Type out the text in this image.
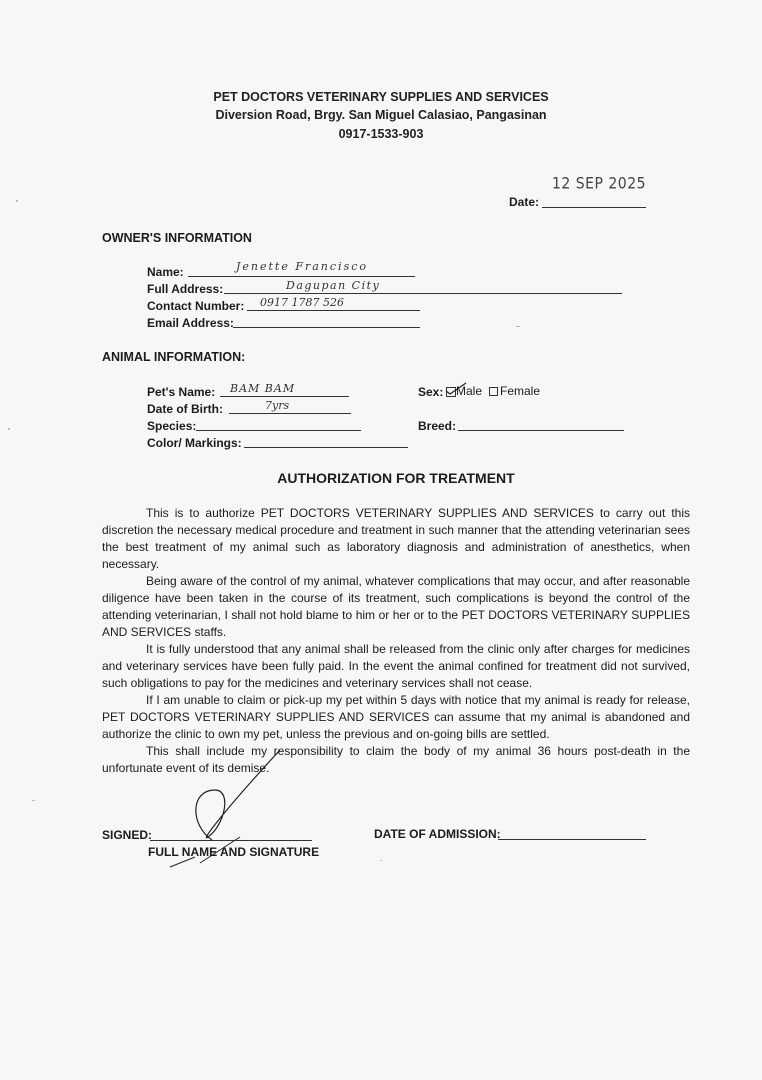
PET DOCTORS VETERINARY SUPPLIES AND SERVICES
Diversion Road, Brgy. San Miguel Calasiao, Pangasinan
0917-1533-903
12 SEP 2025
Date:
OWNER'S INFORMATION
Name:	Jenette Francisco
Full Address:	Dagupan City
Contact Number: 0917 1787 526
Email Address:
ANIMAL INFORMATION:
Pet's Name: BAM BAM
Date of Birth:	7yrs
Species:
Color/ Markings:
Sex: Male Female
Breed:
AUTHORIZATION FOR TREATMENT

This is to authorize PET DOCTORS VETERINARY SUPPLIES AND SERVICES to carry out this discretion the necessary medical procedure and treatment in such manner that the attending veterinarian sees the best treatment of my animal such as laboratory diagnosis and administration of anesthetics, when necessary.

Being aware of the control of my animal, whatever complications that may occur, and after reasonable diligence have been taken in the course of its treatment, such complications is beyond the control of the attending veterinarian, I shall not hold blame to him or her or to the PET DOCTORS VETERINARY SUPPLIES AND SERVICES staffs.

It is fully understood that any animal shall be released from the clinic only after charges for medicines and veterinary services have been fully paid. In the event the animal confined for treatment did not survived, such obligations to pay for the medicines and veterinary services shall not cease.

If I am unable to claim or pick-up my pet within 5 days with notice that my animal is ready for release, PET DOCTORS VETERINARY SUPPLIES AND SERVICES can assume that my animal is abandoned and authorize the clinic to own my pet, unless the previous and on-going bills are settled.

This shall include my responsibility to claim the body of my animal 36 hours post-death in the unfortunate event of its demise.

SIGNED:
FULL NAME AND SIGNATURE
DATE OF ADMISSION:
